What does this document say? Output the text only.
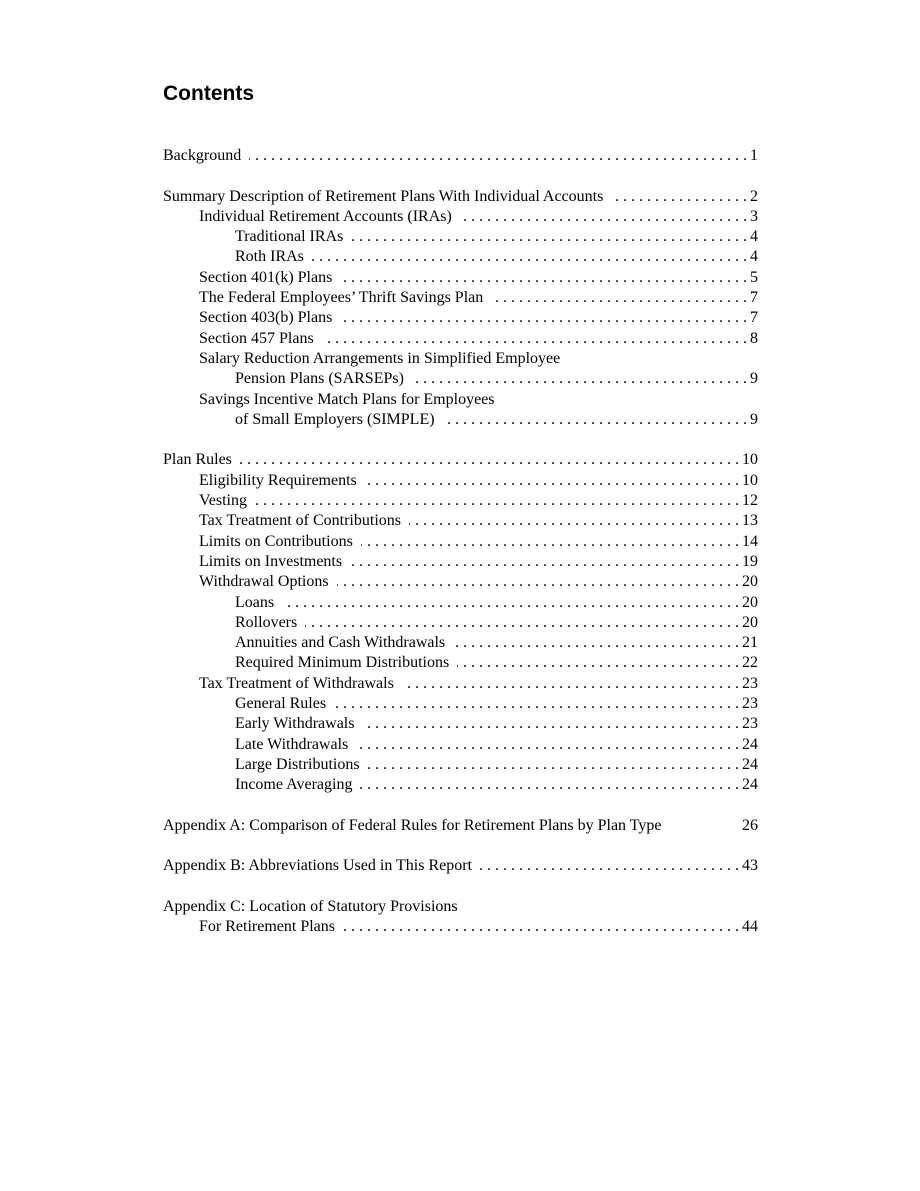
Contents
Background . . .	1
Summary Description of Retirement Plans With Individual Accounts . . .	2
Individual Retirement Accounts (IRAs) . . .	3
Traditional IRAs . . .	4
Roth IRAs . . .	4
Section 401(k) Plans . . .	5
The Federal Employees’ Thrift Savings Plan . . .	7
Section 403(b) Plans . . .	7
Section 457 Plans . . .	8
Salary Reduction Arrangements in Simplified Employee
Pension Plans (SARSEPs) . . .	9
Savings Incentive Match Plans for Employees
of Small Employers (SIMPLE) . . .	9
Plan Rules . . .	10
Eligibility Requirements . . .	10
Vesting . . .	12
Tax Treatment of Contributions . . .	13
Limits on Contributions . . .	14
Limits on Investments . . .	19
Withdrawal Options . . .	20
Loans . . .	20
Rollovers . . .	20
Annuities and Cash Withdrawals . . .	21
Required Minimum Distributions . . .	22
Tax Treatment of Withdrawals . . .	23
General Rules . . .	23
Early Withdrawals . . .	23
Late Withdrawals . . .	24
Large Distributions . . .	24
Income Averaging . . .	24
Appendix A: Comparison of Federal Rules for Retirement Plans by Plan Type	26
Appendix B: Abbreviations Used in This Report . . .	43
Appendix C: Location of Statutory Provisions
For Retirement Plans . . .	44
